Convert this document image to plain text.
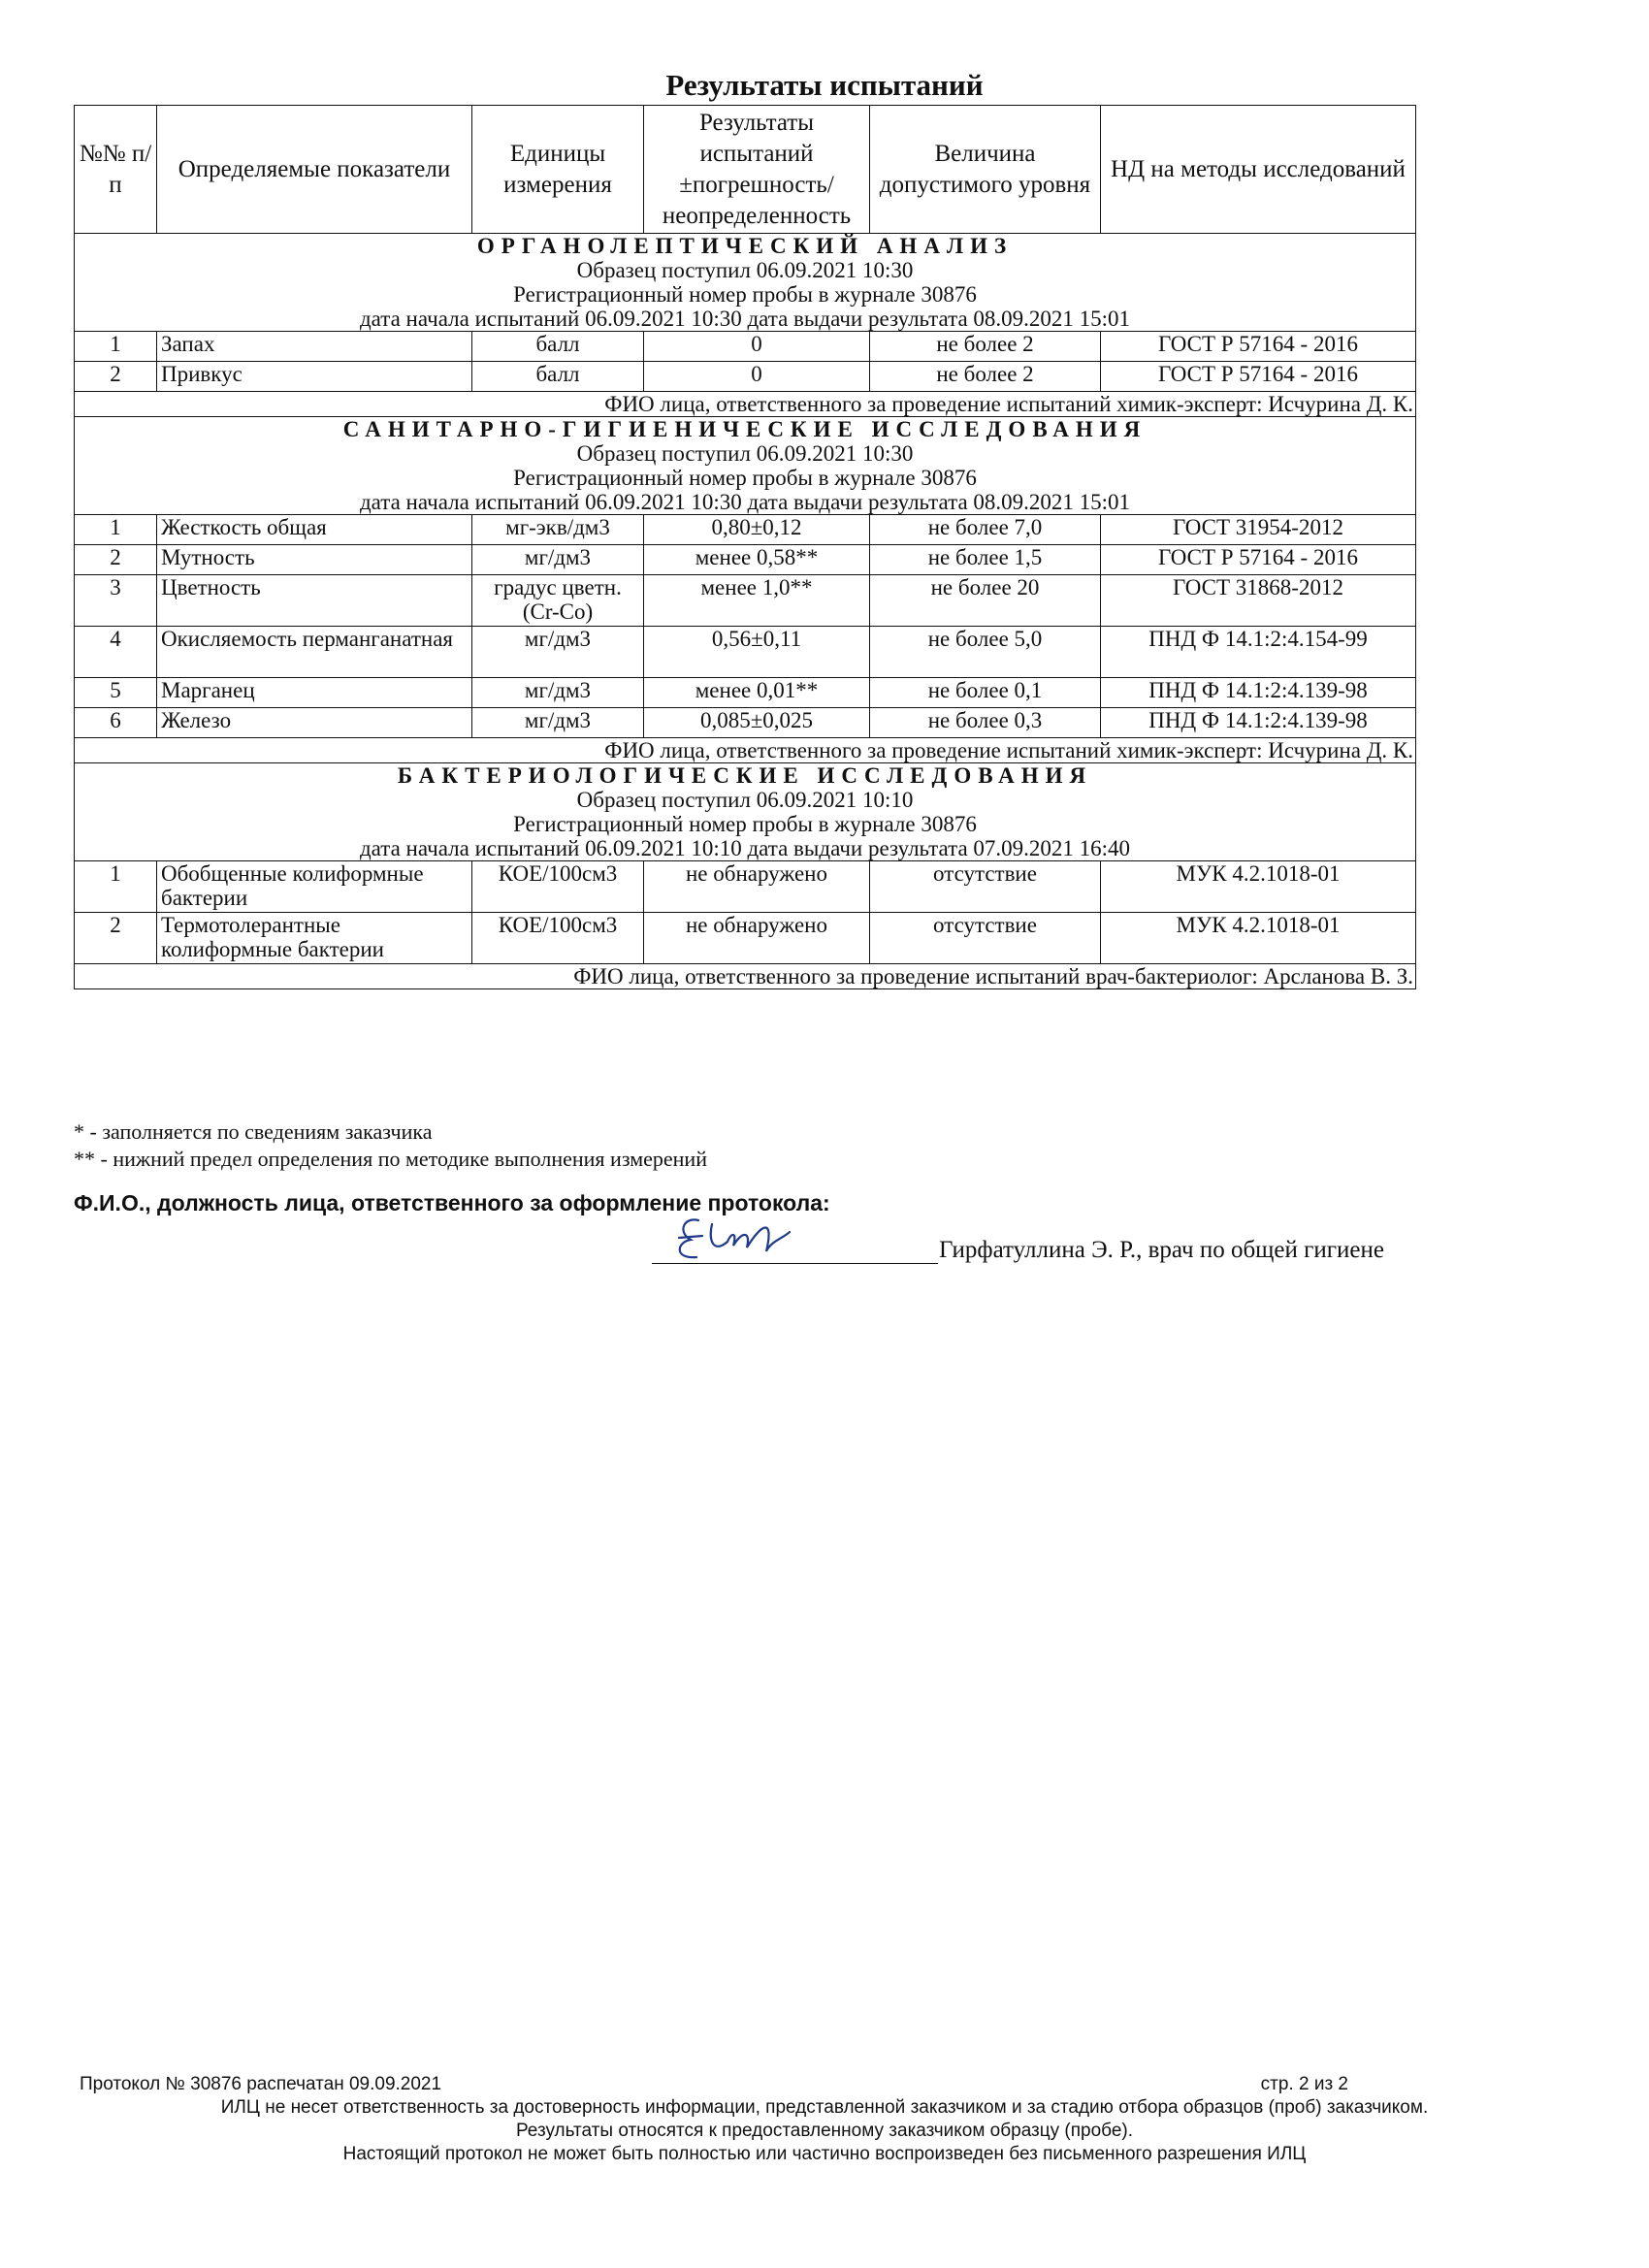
Результаты испытаний
№№ п/п	Определяемые показатели	Единицы измерения	Результаты испытаний ±погрешность/ неопределенность	Величина допустимого уровня	НД на методы исследований

ОРГАНОЛЕПТИЧЕСКИЙ АНАЛИЗ
Образец поступил 06.09.2021 10:30
Регистрационный номер пробы в журнале 30876
дата начала испытаний 06.09.2021 10:30 дата выдачи результата 08.09.2021 15:01					

1	Запах	балл	0	не более 2	ГОСТ Р 57164 - 2016
2	Привкус	балл	0	не более 2	ГОСТ Р 57164 - 2016
ФИО лица, ответственного за проведение испытаний химик-эксперт: Исчурина Д. К.					

САНИТАРНО-ГИГИЕНИЧЕСКИЕ ИССЛЕДОВАНИЯ
Образец поступил 06.09.2021 10:30
Регистрационный номер пробы в журнале 30876
дата начала испытаний 06.09.2021 10:30 дата выдачи результата 08.09.2021 15:01					

1	Жесткость общая	мг-экв/дм3	0,80±0,12	не более 7,0	ГОСТ 31954-2012
2	Мутность	мг/дм3	менее 0,58**	не более 1,5	ГОСТ Р 57164 - 2016
3	Цветность	градус цветн.(Cr-Co)	менее 1,0**	не более 20	ГОСТ 31868-2012
4	Окисляемость перманганатная	мг/дм3	0,56±0,11	не более 5,0	ПНД Ф 14.1:2:4.154-99
5	Марганец	мг/дм3	менее 0,01**	не более 0,1	ПНД Ф 14.1:2:4.139-98
6	Железо	мг/дм3	0,085±0,025	не более 0,3	ПНД Ф 14.1:2:4.139-98
ФИО лица, ответственного за проведение испытаний химик-эксперт: Исчурина Д. К.					

БАКТЕРИОЛОГИЧЕСКИЕ ИССЛЕДОВАНИЯ
Образец поступил 06.09.2021 10:10
Регистрационный номер пробы в журнале 30876
дата начала испытаний 06.09.2021 10:10 дата выдачи результата 07.09.2021 16:40					

1	Обобщенные колиформные бактерии	КОЕ/100см3	не обнаружено	отсутствие	МУК 4.2.1018-01
2	Термотолерантные колиформные бактерии	КОЕ/100см3	не обнаружено	отсутствие	МУК 4.2.1018-01
ФИО лица, ответственного за проведение испытаний врач-бактериолог: Арсланова В. З.					
* - заполняется по сведениям заказчика
** - нижний предел определения по методике выполнения измерений
Ф.И.О., должность лица, ответственного за оформление протокола:
Гирфатуллина Э. Р., врач по общей гигиене
Протокол № 30876 распечатан 09.09.2021	стр. 2 из 2
ИЛЦ не несет ответственность за достоверность информации, представленной заказчиком и за стадию отбора образцов (проб) заказчиком.
Результаты относятся к предоставленному заказчиком образцу (пробе).
Настоящий протокол не может быть полностью или частично воспроизведен без письменного разрешения ИЛЦ
